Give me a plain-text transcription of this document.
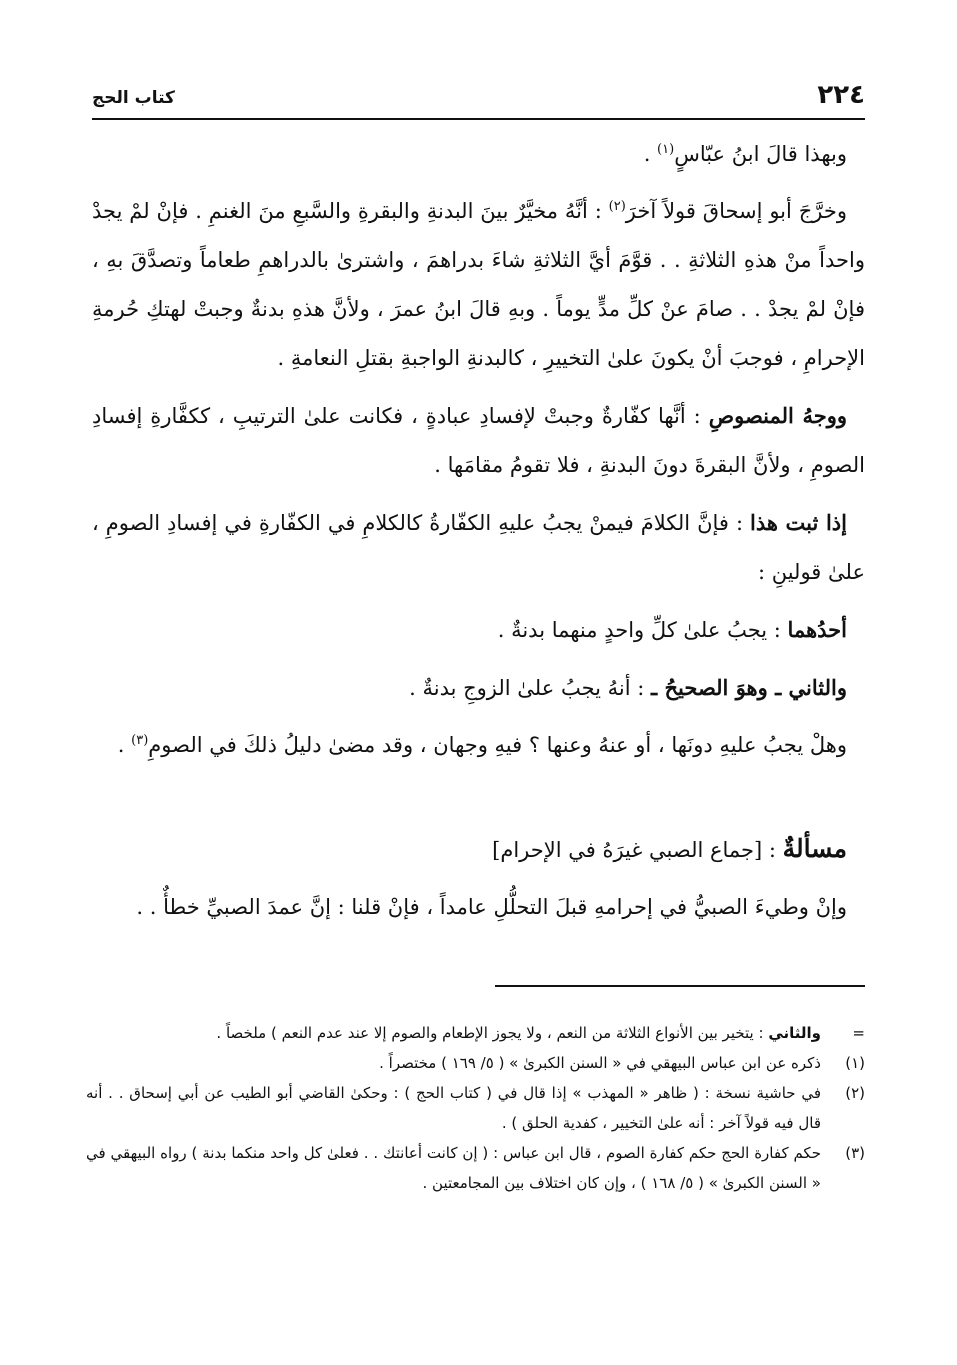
٢٢٤
كتاب الحج

وبهذا قالَ ابنُ عبّاسٍ$^{(١)}$ .

وخرَّجَ أبو إسحاقَ قولاً آخرَ$^{(٢)}$ : أنَّهُ مخيَّرٌ بينَ البدنةِ والبقرةِ والسَّبعِ منَ الغنمِ . فإنْ لمْ يجدْ واحداً منْ هذهِ الثلاثةِ . . قوَّمَ أيَّ الثلاثةِ شاءَ بدراهمَ ، واشترىٰ بالدراهمِ طعاماً وتصدَّقَ بهِ ، فإنْ لمْ يجدْ . . صامَ عنْ كلِّ مدٍّ يوماً . وبهِ قالَ ابنُ عمرَ ، ولأنَّ هذهِ بدنةٌ وجبتْ لهتكِ حُرمةِ الإحرامِ ، فوجبَ أنْ يكونَ علىٰ التخييرِ ، كالبدنةِ الواجبةِ بقتلِ النعامةِ .

ووجهُ المنصوصِ : أنَّها كفّارةٌ وجبتْ لإفسادِ عبادةٍ ، فكانت علىٰ الترتيبِ ، ككفَّارةِ إفسادِ الصومِ ، ولأنَّ البقرةَ دونَ البدنةِ ، فلا تقومُ مقامَها .

إذا ثبت هذا : فإنَّ الكلامَ فيمنْ يجبُ عليهِ الكفّارةُ كالكلامِ في الكفّارةِ في إفسادِ الصومِ ، علىٰ قولينِ :

أحدُهما : يجبُ علىٰ كلِّ واحدٍ منهما بدنةٌ .

والثاني ـ وهوَ الصحيحُ ـ : أنهُ يجبُ علىٰ الزوجِ بدنةٌ .

وهلْ يجبُ عليهِ دونَها ، أو عنهُ وعنها ؟ فيهِ وجهان ، وقد مضىٰ دليلُ ذلكَ في الصومِ$^{(٣)}$ .

مسألةٌ : [جماع الصبي غيرَهُ في الإحرام]

وإنْ وطيءَ الصبيُّ في إحرامهِ قبلَ التحلُّلِ عامداً ، فإنْ قلنا : إنَّ عمدَ الصبيِّ خطأٌ . .

=
والثاني : يتخير بين الأنواع الثلاثة من النعم ، ولا يجوز الإطعام والصوم إلا عند عدم النعم ) ملخصاً .
(١)
ذكره عن ابن عباس البيهقي في « السنن الكبرىٰ » ( ٥/ ١٦٩ ) مختصراً .
(٢)
في حاشية نسخة : ( ظاهر « المهذب » إذا قال في ( كتاب الحج ) : وحكىٰ القاضي أبو الطيب عن أبي إسحاق . . أنه قال فيه قولاً آخر : أنه علىٰ التخيير ، كفدية الحلق ) .
(٣)
حكم كفارة الحج حكم كفارة الصوم ، قال ابن عباس : ( إن كانت أعانتك . . فعلىٰ كل واحد منكما بدنة ) رواه البيهقي في « السنن الكبرىٰ » ( ٥/ ١٦٨ ) ، وإن كان اختلاف بين المجامعتين .
